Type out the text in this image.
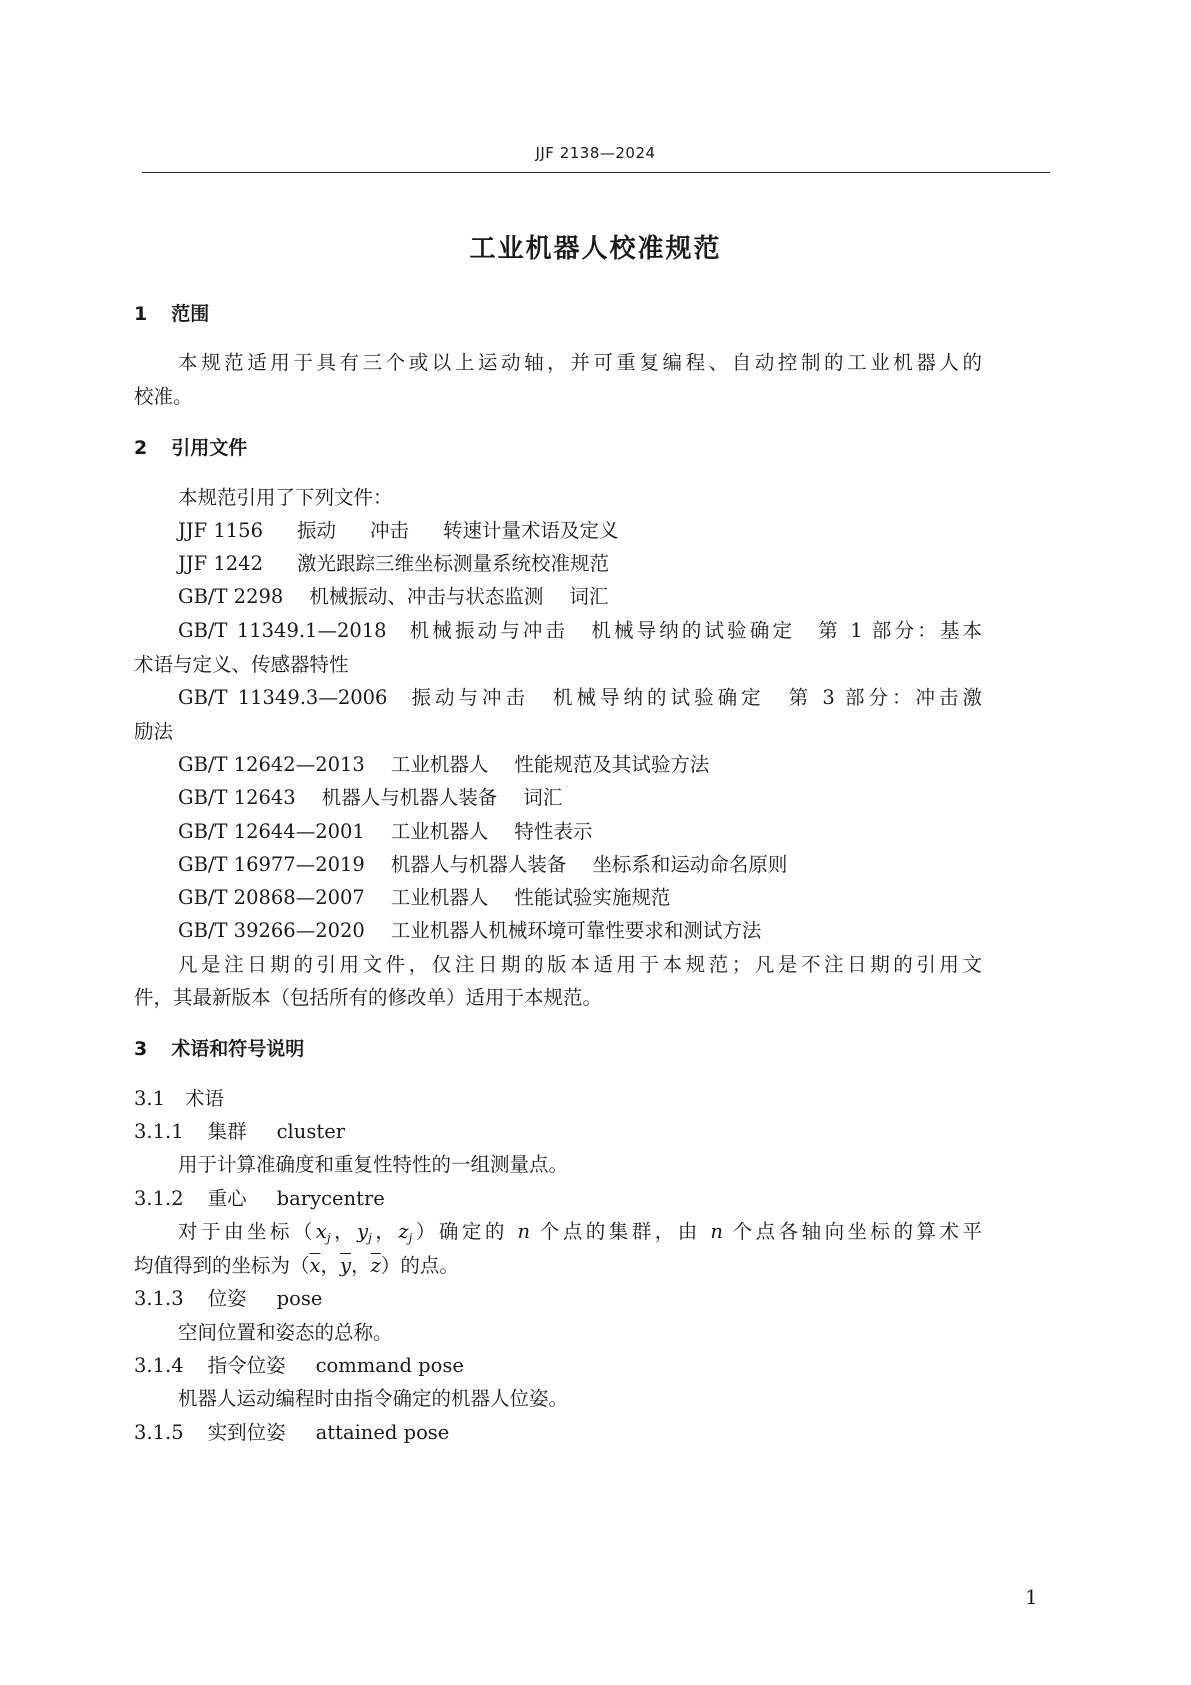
JJF 2138—2024
工业机器人校准规范
1 范围
本规范适用于具有三个或以上运动轴，并可重复编程、自动控制的工业机器人的
校准。
2 引用文件
本规范引用了下列文件：
JJF 1156 振动 冲击 转速计量术语及定义
JJF 1242 激光跟踪三维坐标测量系统校准规范
GB/T 2298 机械振动、冲击与状态监测 词汇
GB/T 11349.1—2018 机械振动与冲击 机械导纳的试验确定 第 1 部分：基本
术语与定义、传感器特性
GB/T 11349.3—2006 振动与冲击 机械导纳的试验确定 第 3 部分：冲击激
励法
GB/T 12642—2013 工业机器人 性能规范及其试验方法
GB/T 12643 机器人与机器人装备 词汇
GB/T 12644—2001 工业机器人 特性表示
GB/T 16977—2019 机器人与机器人装备 坐标系和运动命名原则
GB/T 20868—2007 工业机器人 性能试验实施规范
GB/T 39266—2020 工业机器人机械环境可靠性要求和测试方法
凡是注日期的引用文件，仅注日期的版本适用于本规范；凡是不注日期的引用文
件，其最新版本（包括所有的修改单）适用于本规范。
3 术语和符号说明
3.1 术语
3.1.1 集群 cluster
用于计算准确度和重复性特性的一组测量点。
3.1.2 重心 barycentre
对于由坐标（$x_j$，$y_j$，$z_j$）确定的 n 个点的集群，由 n 个点各轴向坐标的算术平
均值得到的坐标为（$\overline{x}$，$\overline{y}$，$\overline{z}$）的点。
3.1.3 位姿 pose
空间位置和姿态的总称。
3.1.4 指令位姿 command pose
机器人运动编程时由指令确定的机器人位姿。
3.1.5 实到位姿 attained pose
1
